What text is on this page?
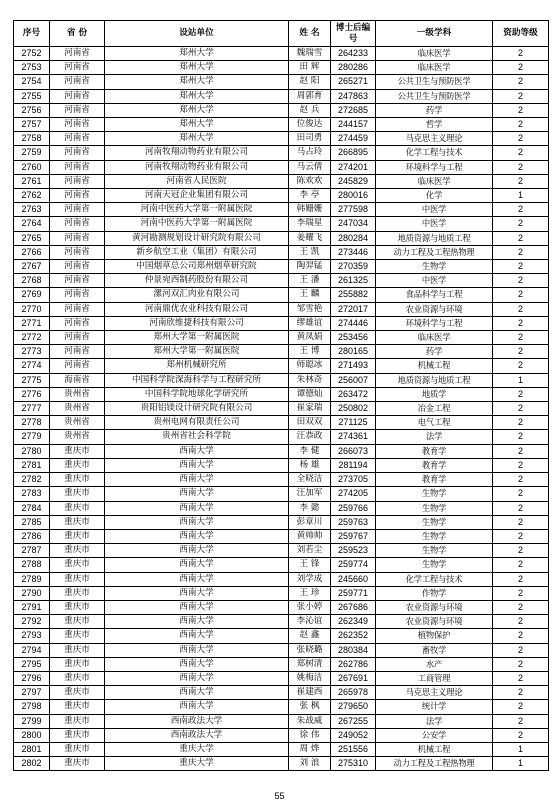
序号	省 份	设站单位	姓 名	博士后编 号	一级学科	资助等级
2752	河南省	郑州大学	魏瑞雪	264233	临床医学	2
2753	河南省	郑州大学	田 辉	280286	临床医学	2
2754	河南省	郑州大学	赵 阳	265271	公共卫生与预防医学	2
2755	河南省	郑州大学	周郭育	247863	公共卫生与预防医学	2
2756	河南省	郑州大学	赵 兵	272685	药学	2
2757	河南省	郑州大学	位俊达	244157	哲学	2
2758	河南省	郑州大学	田司勇	274459	马克思主义理论	2
2759	河南省	河南牧翔动物药业有限公司	马占玲	266895	化学工程与技术	2
2760	河南省	河南牧翔动物药业有限公司	马云倩	274201	环境科学与工程	2
2761	河南省	河南省人民医院	陈欢欢	245829	临床医学	2
2762	河南省	河南天冠企业集团有限公司	李 亭	280016	化学	1
2763	河南省	河南中医药大学第一附属医院	韩姗姗	277598	中医学	2
2764	河南省	河南中医药大学第一附属医院	李瑞星	247034	中医学	2
2765	河南省	黄河勘测规划设计研究院有限公司	姜耀飞	280284	地质资源与地质工程	2
2766	河南省	新乡航空工业（集团）有限公司	王 凯	273446	动力工程及工程热物理	2
2767	河南省	中国烟草总公司郑州烟草研究院	陶羿锰	270359	生物学	2
2768	河南省	仲景宛西制药股份有限公司	王 潘	261325	中医学	2
2769	河南省	漯河双汇肉业有限公司	王 麟	255882	食品科学与工程	2
2770	河南省	河南鼎优农业科技有限公司	邹雪艳	272017	农业资源与环境	2
2771	河南省	河南欣维捷科技有限公司	缪雄谊	274446	环境科学与工程	2
2772	河南省	郑州大学第一附属医院	黄凤娟	253456	临床医学	2
2773	河南省	郑州大学第一附属医院	王 博	280165	药学	2
2774	河南省	郑州机械研究所	师聪冰	271493	机械工程	2
2775	海南省	中国科学院深海科学与工程研究所	朱林奇	256007	地质资源与地质工程	1
2776	贵州省	中国科学院地球化学研究所	谭德灿	263472	地质学	2
2777	贵州省	贵阳铝镁设计研究院有限公司	崔家瑞	250802	冶金工程	2
2778	贵州省	贵州电网有限责任公司	田双双	271125	电气工程	2
2779	贵州省	贵州省社会科学院	汪恭政	274361	法学	2
2780	重庆市	西南大学	李 健	266073	教育学	2
2781	重庆市	西南大学	杨 雄	281194	教育学	2
2782	重庆市	西南大学	全晓洁	273705	教育学	2
2783	重庆市	西南大学	汪加军	274205	生物学	2
2784	重庆市	西南大学	李 懿	259766	生物学	2
2785	重庆市	西南大学	彭章川	259763	生物学	2
2786	重庆市	西南大学	黄帅帅	259767	生物学	2
2787	重庆市	西南大学	刘若尘	259523	生物学	2
2788	重庆市	西南大学	王 锋	259774	生物学	2
2789	重庆市	西南大学	刘学成	245660	化学工程与技术	2
2790	重庆市	西南大学	王 珍	259771	作物学	2
2791	重庆市	西南大学	张小婷	267686	农业资源与环境	2
2792	重庆市	西南大学	李沁谊	262349	农业资源与环境	2
2793	重庆市	西南大学	赵 鑫	262352	植物保护	2
2794	重庆市	西南大学	张晓璐	280384	畜牧学	2
2795	重庆市	西南大学	郑树清	262786	水产	2
2796	重庆市	西南大学	姚梅洁	267691	工商管理	2
2797	重庆市	西南大学	崔建西	265978	马克思主义理论	2
2798	重庆市	西南大学	张 枫	279650	统计学	2
2799	重庆市	西南政法大学	朱战威	267255	法学	2
2800	重庆市	西南政法大学	徐 伟	249052	公安学	2
2801	重庆市	重庆大学	周 烨	251556	机械工程	1
2802	重庆市	重庆大学	刘 浪	275310	动力工程及工程热物理	1
55
